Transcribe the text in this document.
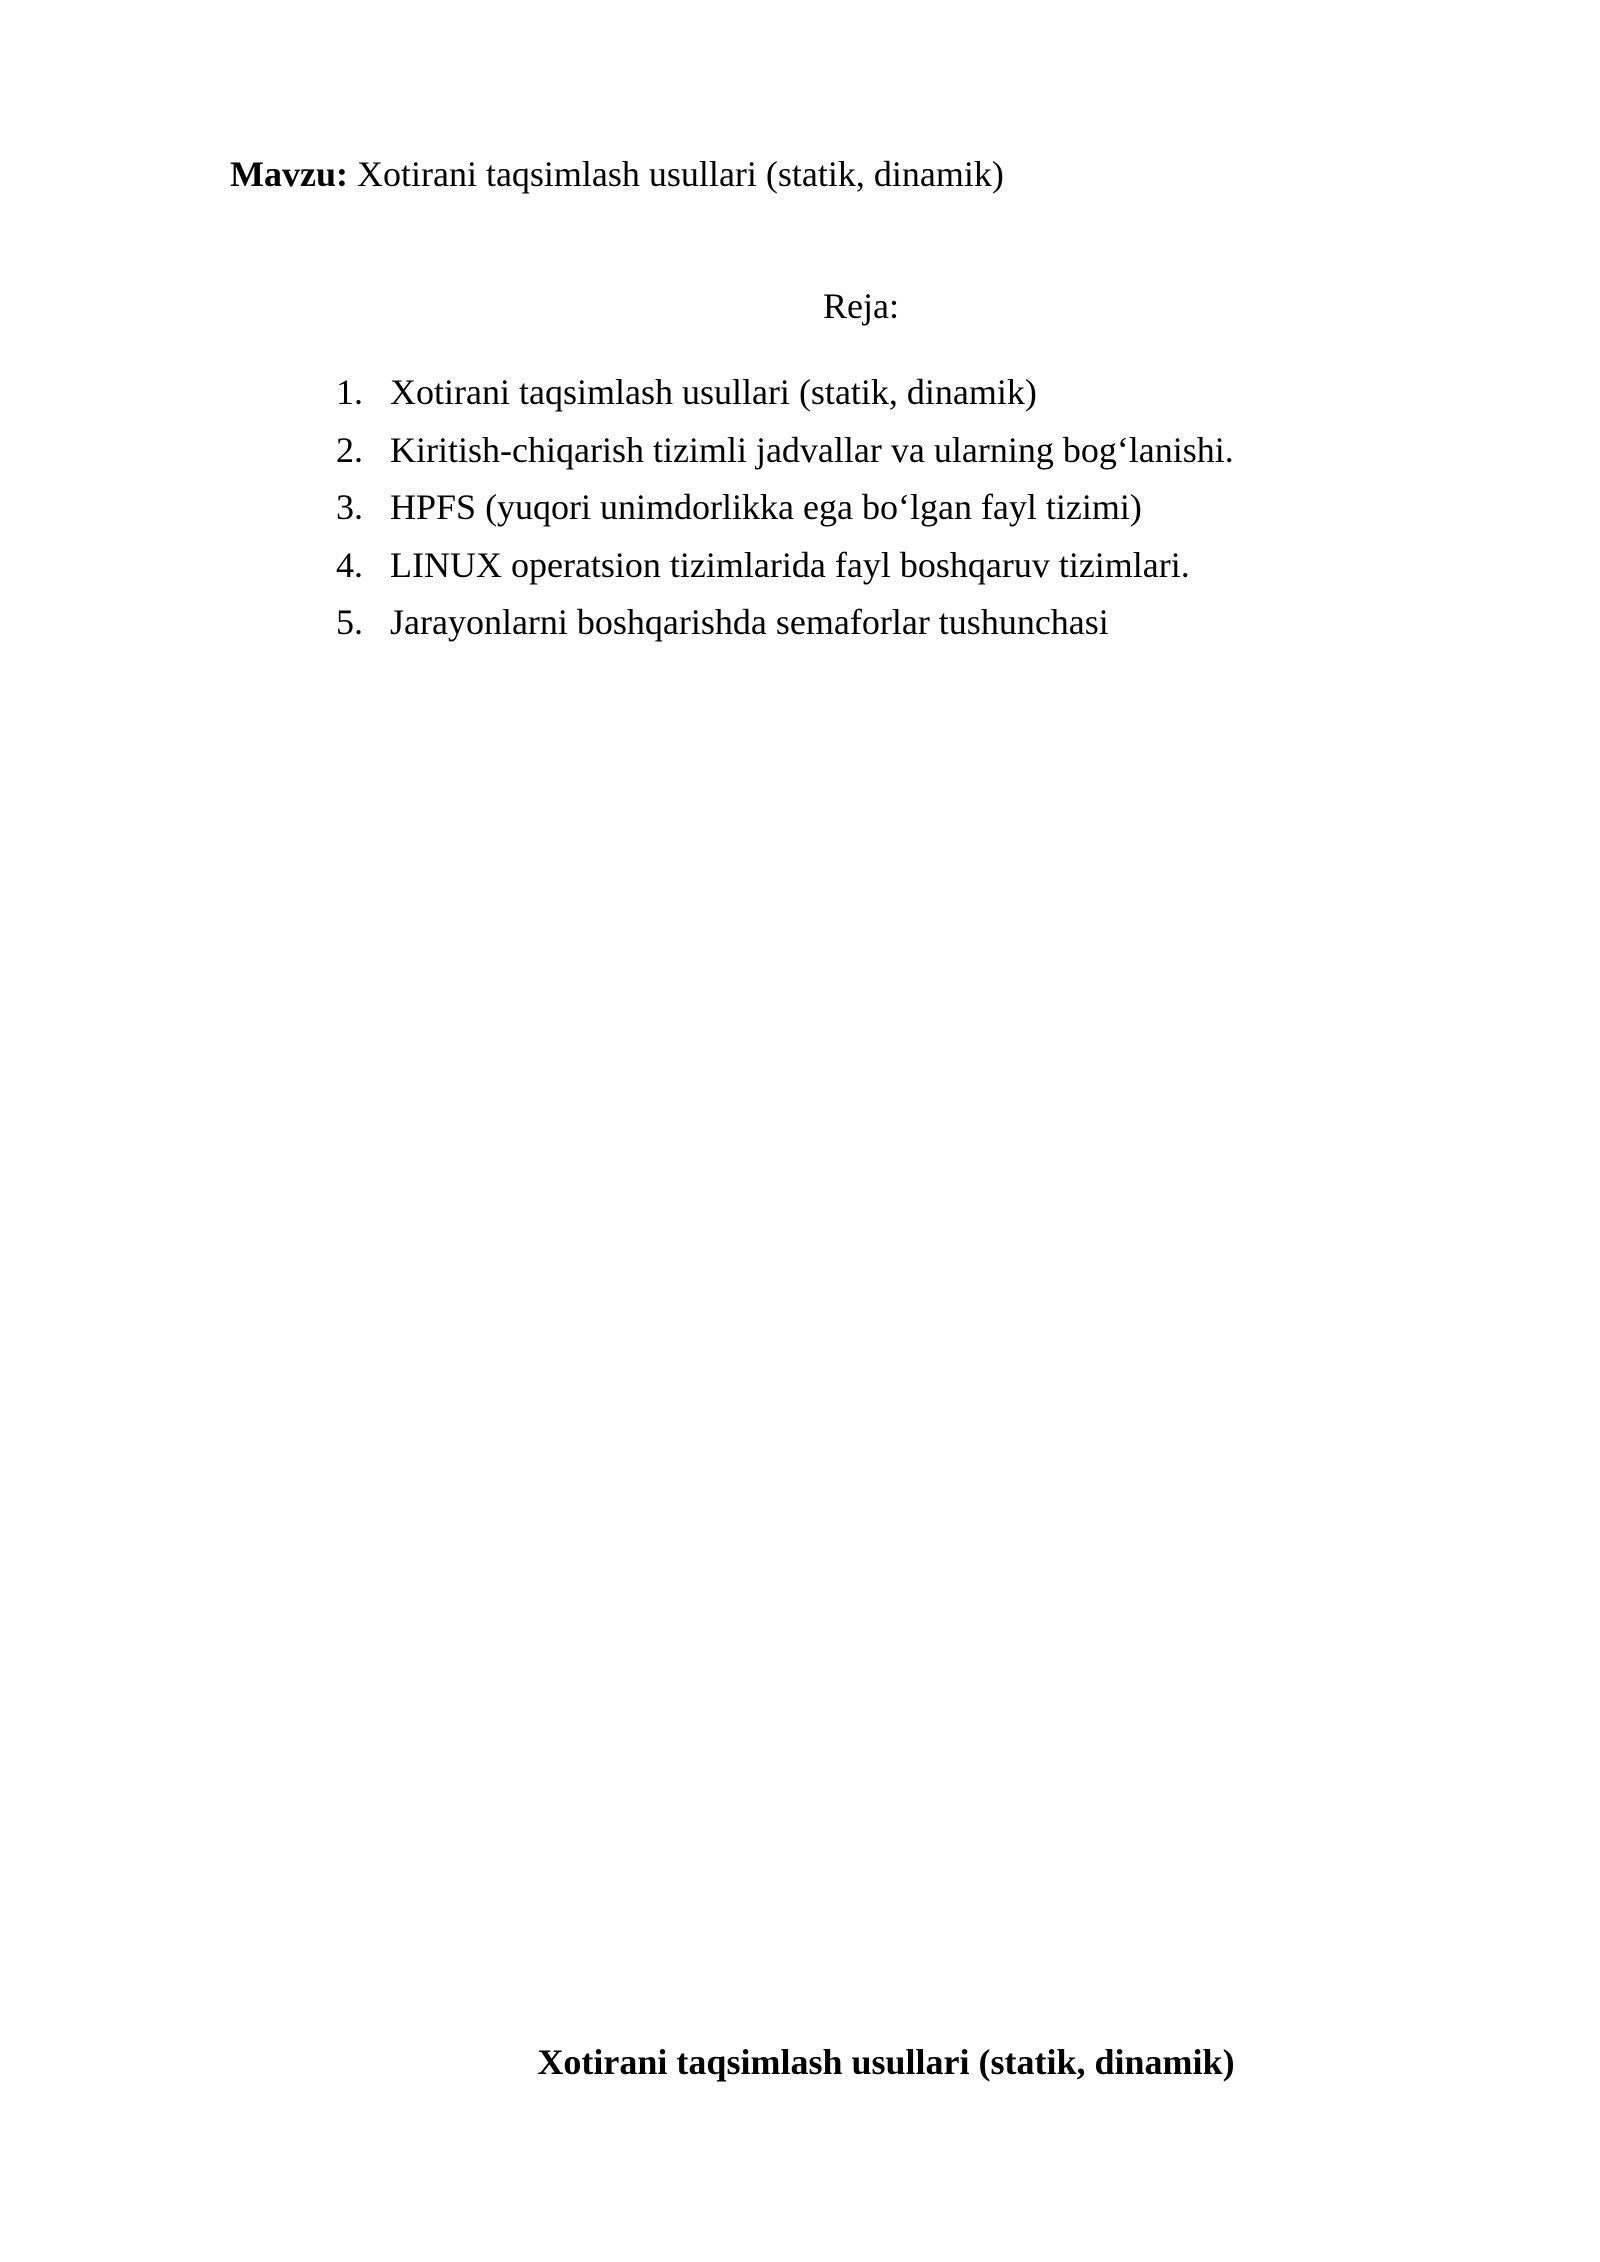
Mavzu: Xotirani taqsimlash usullari (statik, dinamik)
Reja:
1. Xotirani taqsimlash usullari (statik, dinamik)
2. Kiritish-chiqarish tizimli jadvallar va ularning bog‘lanishi.
3. HPFS (yuqori unimdorlikka ega bo‘lgan fayl tizimi)
4. LINUX operatsion tizimlarida fayl boshqaruv tizimlari.
5. Jarayonlarni boshqarishda semaforlar tushunchasi
Xotirani taqsimlash usullari (statik, dinamik)
